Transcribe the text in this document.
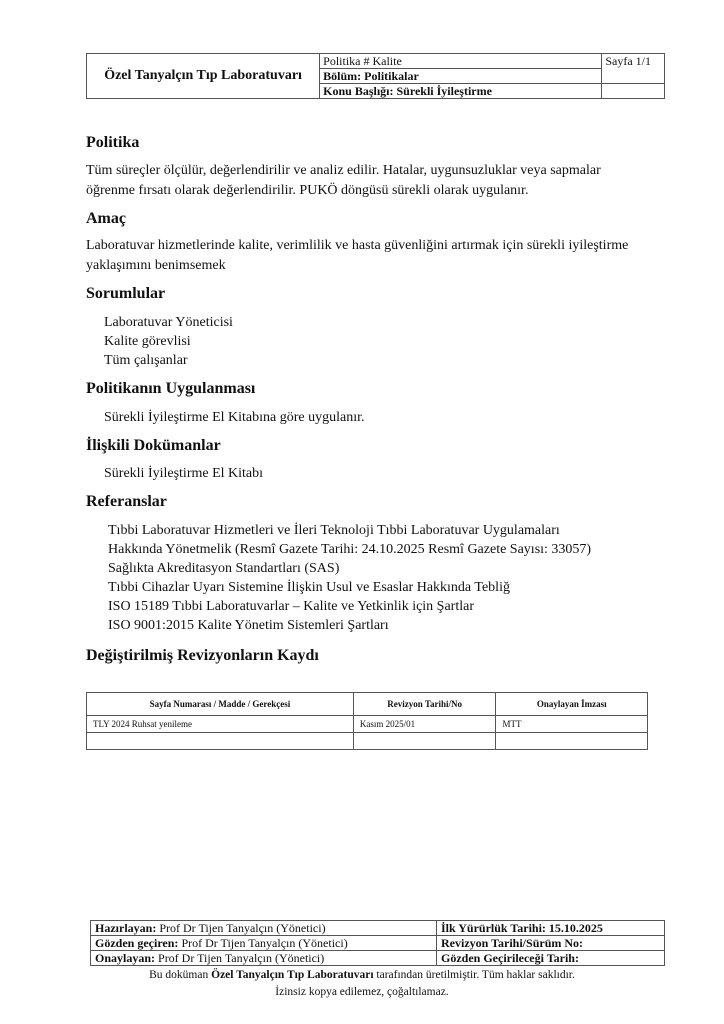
Özel Tanyalçın Tıp Laboratuvarı	Politika # Kalite	Sayfa 1/1
	Bölüm: Politikalar	
	Konu Başlığı: Sürekli İyileştirme	
Politika

Tüm süreçler ölçülür, değerlendirilir ve analiz edilir. Hatalar, uygunsuzluklar veya sapmalar öğrenme fırsatı olarak değerlendirilir. PUKÖ döngüsü sürekli olarak uygulanır.

Amaç

Laboratuvar hizmetlerinde kalite, verimlilik ve hasta güvenliğini artırmak için sürekli iyileştirme yaklaşımını benimsemek

Sorumlular
Laboratuvar Yöneticisi
Kalite görevlisi
Tüm çalışanlar
Politikanın Uygulanması

Sürekli İyileştirme El Kitabına göre uygulanır.

İlişkili Dokümanlar

Sürekli İyileştirme El Kitabı

Referanslar
Tıbbi Laboratuvar Hizmetleri ve İleri Teknoloji Tıbbi Laboratuvar Uygulamaları
Hakkında Yönetmelik (Resmî Gazete Tarihi: 24.10.2025 Resmî Gazete Sayısı: 33057)
Sağlıkta Akreditasyon Standartları (SAS)
Tıbbi Cihazlar Uyarı Sistemine İlişkin Usul ve Esaslar Hakkında Tebliğ
ISO 15189 Tıbbi Laboratuvarlar – Kalite ve Yetkinlik için Şartlar
ISO 9001:2015 Kalite Yönetim Sistemleri Şartları
Değiştirilmiş Revizyonların Kaydı
Sayfa Numarası / Madde / Gerekçesi	Revizyon Tarihi/No	Onaylayan İmzası
TLY 2024 Ruhsat yenileme	Kasım 2025/01	MTT

Hazırlayan: Prof Dr Tijen Tanyalçın (Yönetici)	İlk Yürürlük Tarihi: 15.10.2025
Gözden geçiren: Prof Dr Tijen Tanyalçın (Yönetici)	Revizyon Tarihi/Sürüm No:
Onaylayan: Prof Dr Tijen Tanyalçın (Yönetici)	Gözden Geçirileceği Tarih:
Bu doküman Özel Tanyalçın Tıp Laboratuvarı tarafından üretilmiştir. Tüm haklar saklıdır.
İzinsiz kopya edilemez, çoğaltılamaz.
